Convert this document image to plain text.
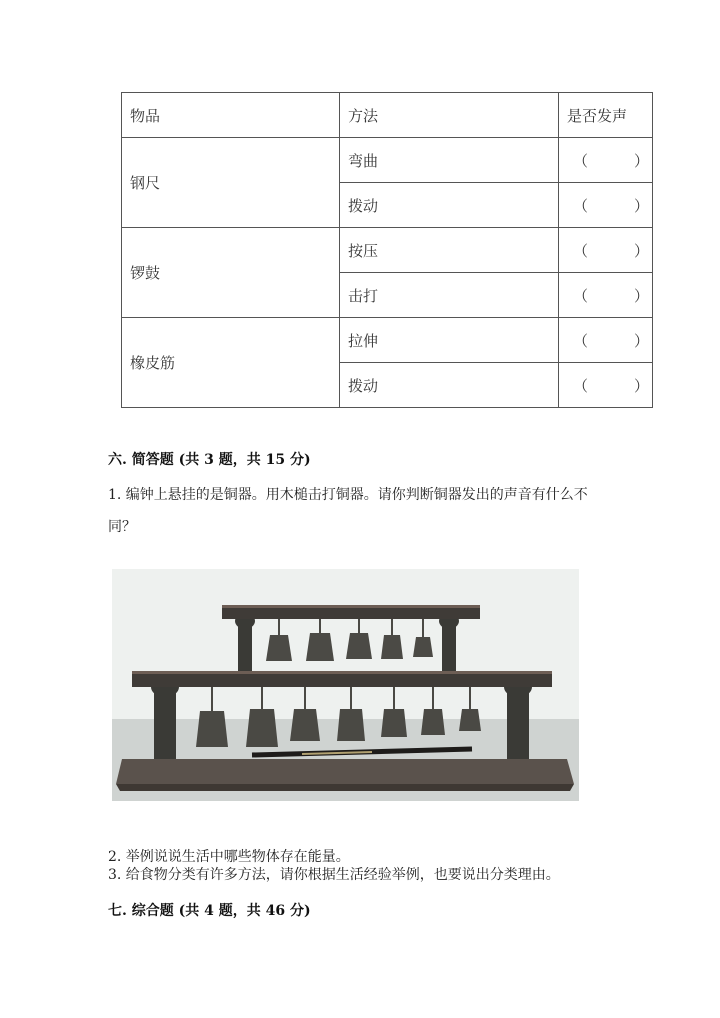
物品	方法	是否发声
钢尺	弯曲	（ ）
	拨动	（ ）
锣鼓	按压	（ ）
	击打	（ ）
橡皮筋	拉伸	（ ）
	拨动	（ ）
六. 简答题 (共 3 题，共 15 分)
1. 编钟上悬挂的是铜器。用木槌击打铜器。请你判断铜器发出的声音有什么不
同？
2. 举例说说生活中哪些物体存在能量。
3. 给食物分类有许多方法，请你根据生活经验举例，也要说出分类理由。
七. 综合题 (共 4 题，共 46 分)
